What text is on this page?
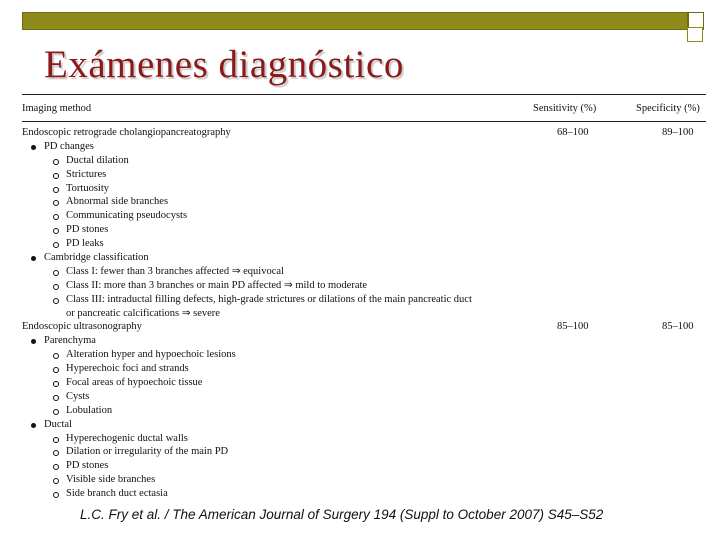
Exámenes diagnóstico
Imaging method	Sensitivity (%)	Specificity (%)
Endoscopic retrograde cholangiopancreatography	68–100	89–100
PD changes
Ductal dilation
Strictures
Tortuosity
Abnormal side branches
Communicating pseudocysts
PD stones
PD leaks
Cambridge classification
Class I: fewer than 3 branches affected ⇒ equivocal
Class II: more than 3 branches or main PD affected ⇒ mild to moderate
Class III: intraductal filling defects, high-grade strictures or dilations of the main pancreatic duct
or pancreatic calcifications ⇒ severe
Endoscopic ultrasonography	85–100	85–100
Parenchyma
Alteration hyper and hypoechoic lesions
Hyperechoic foci and strands
Focal areas of hypoechoic tissue
Cysts
Lobulation
Ductal
Hyperechogenic ductal walls
Dilation or irregularity of the main PD
PD stones
Visible side branches
Side branch duct ectasia

L.C. Fry et al. / The American Journal of Surgery 194 (Suppl to October 2007) S45–S52
